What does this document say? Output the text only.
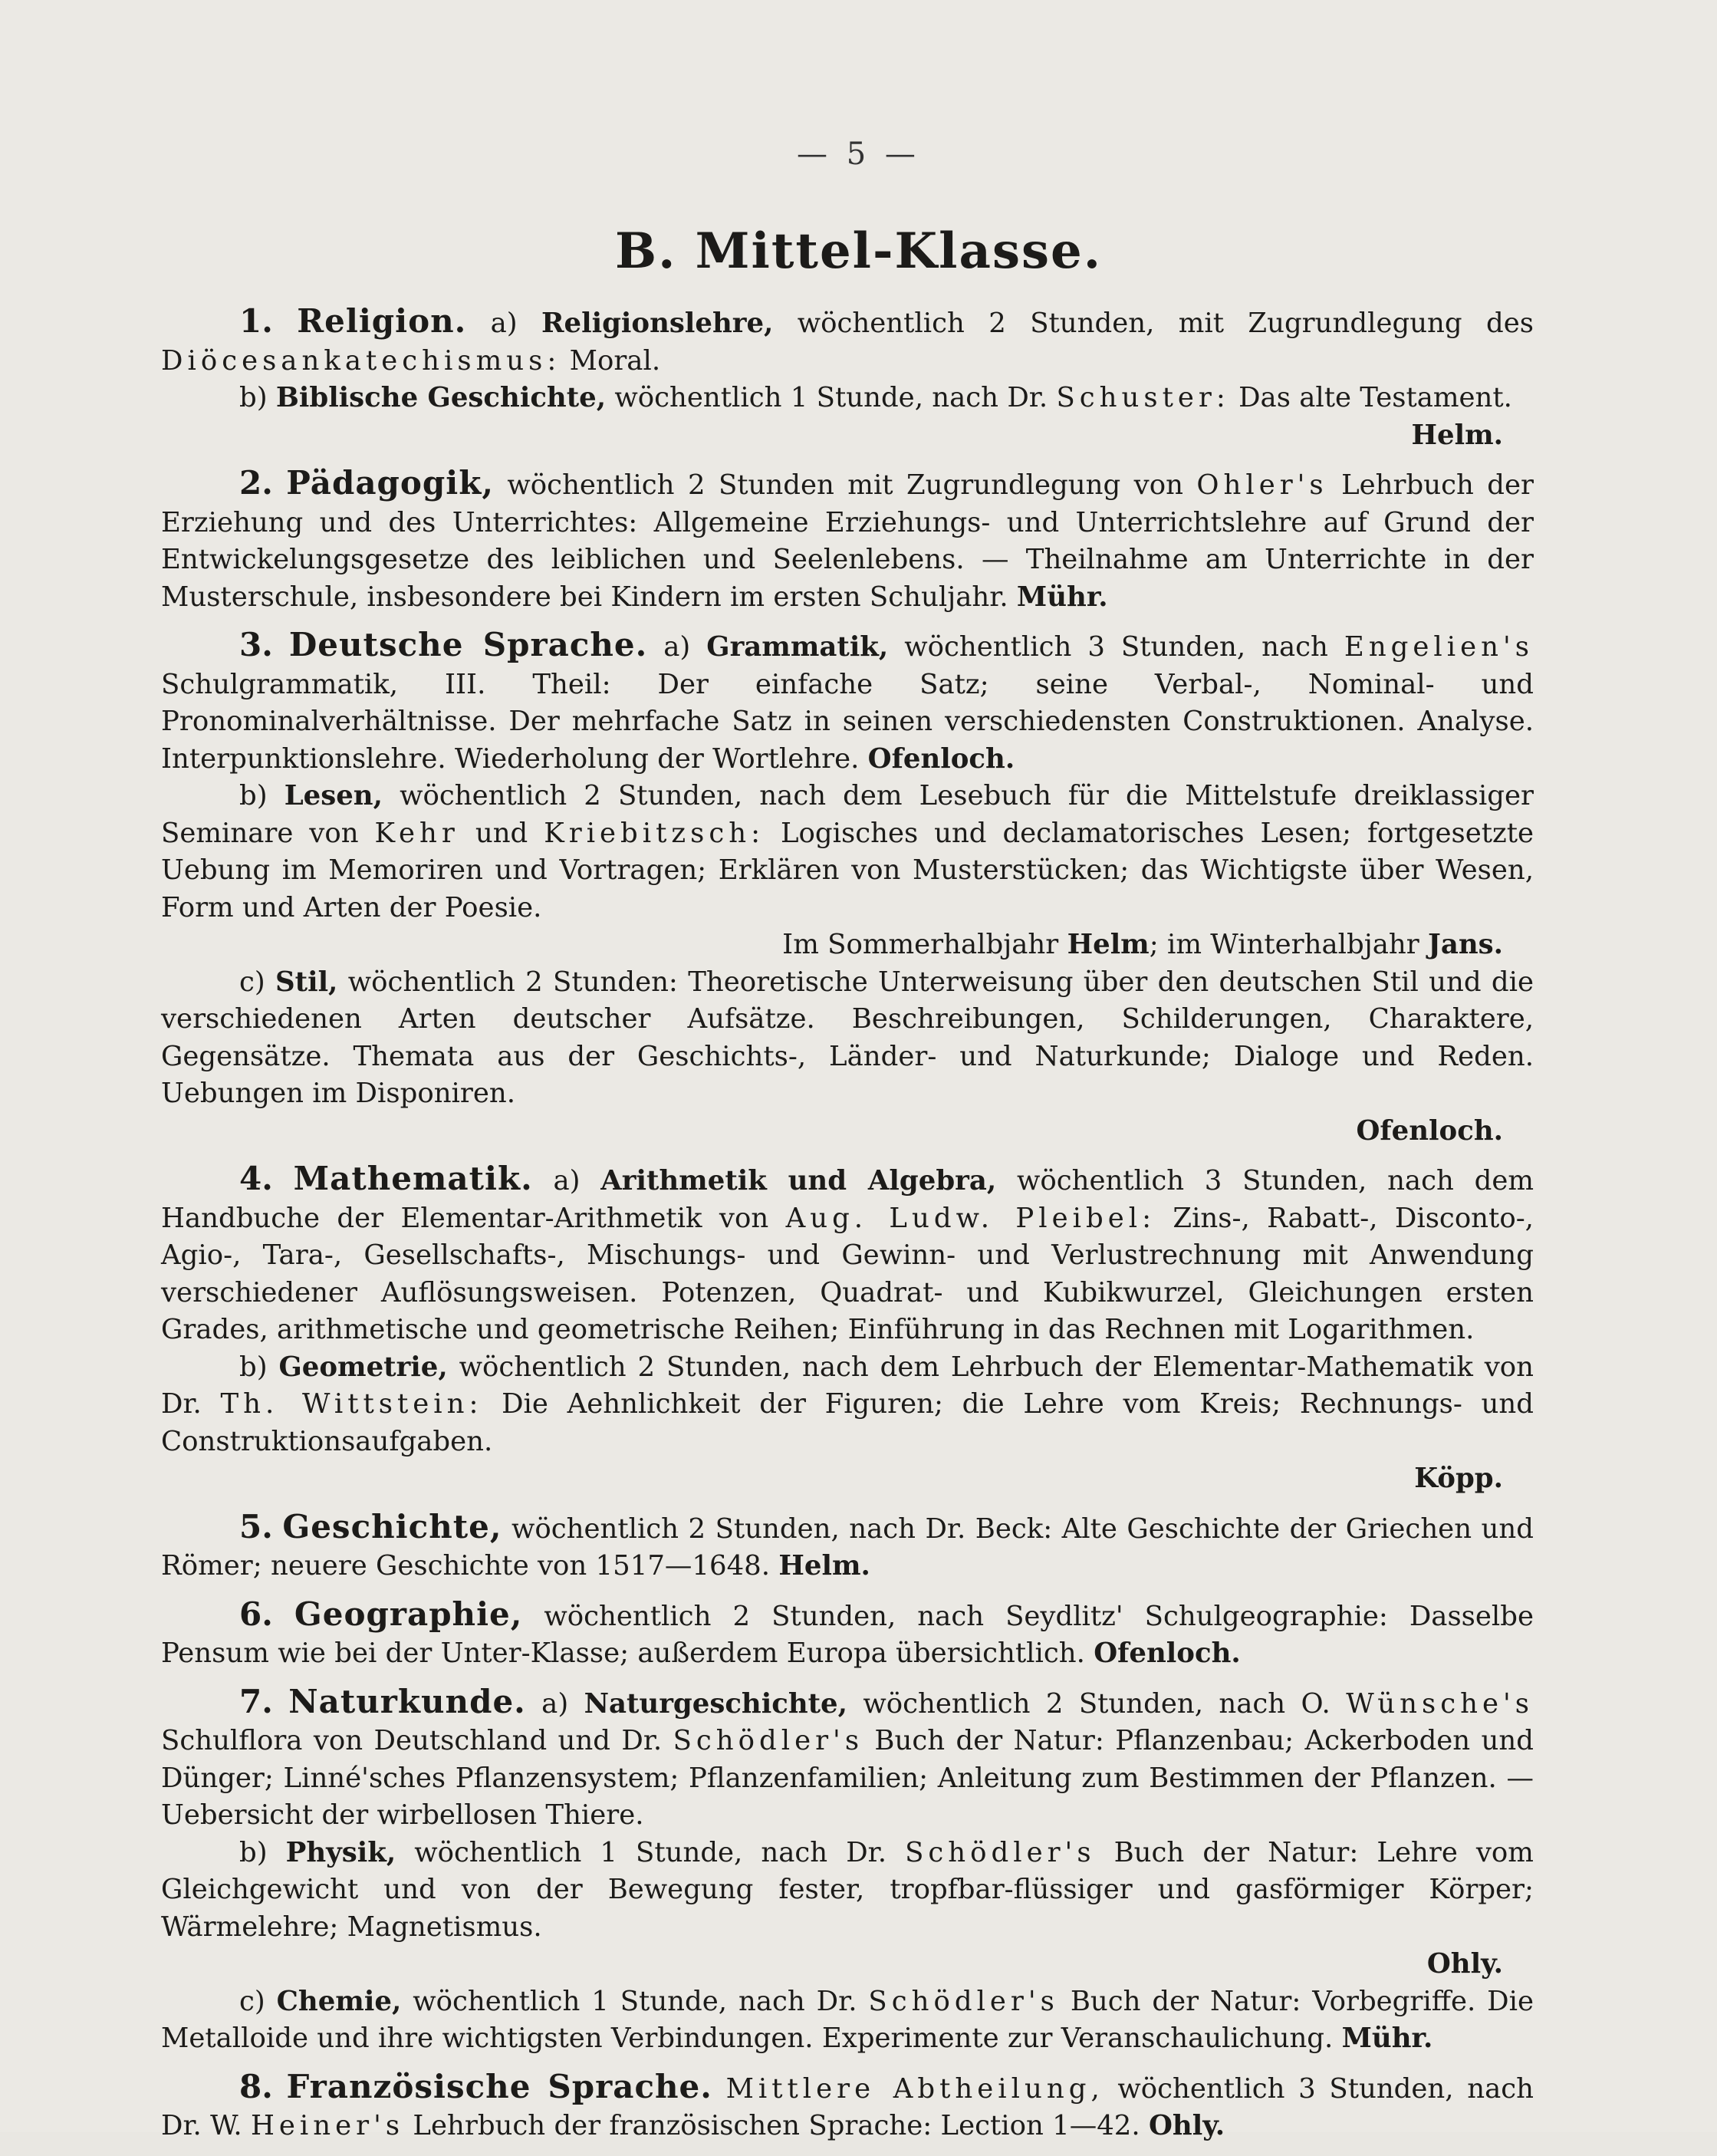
— 5 —
B. Mittel-Klasse.

1. Religion. a) Religionslehre, wöchentlich 2 Stunden, mit Zugrundlegung des Diöcesankatechismus: Moral.

b) Biblische Geschichte, wöchentlich 1 Stunde, nach Dr. Schuster: Das alte Testament.

Helm.

2. Pädagogik, wöchentlich 2 Stunden mit Zugrundlegung von Ohler's Lehrbuch der Erziehung und des Unterrichtes: Allgemeine Erziehungs- und Unterrichtslehre auf Grund der Entwickelungsgesetze des leiblichen und Seelenlebens. — Theilnahme am Unterrichte in der Musterschule, insbesondere bei Kindern im ersten Schuljahr. Mühr.

3. Deutsche Sprache. a) Grammatik, wöchentlich 3 Stunden, nach Engelien's Schulgrammatik, III. Theil: Der einfache Satz; seine Verbal-, Nominal- und Pronominalverhältnisse. Der mehrfache Satz in seinen verschiedensten Construktionen. Analyse. Interpunktionslehre. Wiederholung der Wortlehre. Ofenloch.

b) Lesen, wöchentlich 2 Stunden, nach dem Lesebuch für die Mittelstufe dreiklassiger Seminare von Kehr und Kriebitzsch: Logisches und declamatorisches Lesen; fortgesetzte Uebung im Memoriren und Vortragen; Erklären von Musterstücken; das Wichtigste über Wesen, Form und Arten der Poesie.

Im Sommerhalbjahr Helm; im Winterhalbjahr Jans.

c) Stil, wöchentlich 2 Stunden: Theoretische Unterweisung über den deutschen Stil und die verschiedenen Arten deutscher Aufsätze. Beschreibungen, Schilderungen, Charaktere, Gegensätze. Themata aus der Geschichts-, Länder- und Naturkunde; Dialoge und Reden. Uebungen im Disponiren.

Ofenloch.

4. Mathematik. a) Arithmetik und Algebra, wöchentlich 3 Stunden, nach dem Handbuche der Elementar-Arithmetik von Aug. Ludw. Pleibel: Zins-, Rabatt-, Disconto-, Agio-, Tara-, Gesellschafts-, Mischungs- und Gewinn- und Verlustrechnung mit Anwendung verschiedener Auflösungsweisen. Potenzen, Quadrat- und Kubikwurzel, Gleichungen ersten Grades, arithmetische und geometrische Reihen; Einführung in das Rechnen mit Logarithmen.

b) Geometrie, wöchentlich 2 Stunden, nach dem Lehrbuch der Elementar-Mathematik von Dr. Th. Wittstein: Die Aehnlichkeit der Figuren; die Lehre vom Kreis; Rechnungs- und Construktionsaufgaben.

Köpp.

5. Geschichte, wöchentlich 2 Stunden, nach Dr. Beck: Alte Geschichte der Griechen und Römer; neuere Geschichte von 1517—1648. Helm.

6. Geographie, wöchentlich 2 Stunden, nach Seydlitz' Schulgeographie: Dasselbe Pensum wie bei der Unter-Klasse; außerdem Europa übersichtlich. Ofenloch.

7. Naturkunde. a) Naturgeschichte, wöchentlich 2 Stunden, nach O. Wünsche's Schulflora von Deutschland und Dr. Schödler's Buch der Natur: Pflanzenbau; Ackerboden und Dünger; Linné'sches Pflanzensystem; Pflanzenfamilien; Anleitung zum Bestimmen der Pflanzen. — Uebersicht der wirbellosen Thiere.

b) Physik, wöchentlich 1 Stunde, nach Dr. Schödler's Buch der Natur: Lehre vom Gleichgewicht und von der Bewegung fester, tropfbar-flüssiger und gasförmiger Körper; Wärmelehre; Magnetismus.

Ohly.

c) Chemie, wöchentlich 1 Stunde, nach Dr. Schödler's Buch der Natur: Vorbegriffe. Die Metalloide und ihre wichtigsten Verbindungen. Experimente zur Veranschaulichung. Mühr.

8. Französische Sprache. Mittlere Abtheilung, wöchentlich 3 Stunden, nach Dr. W. Heiner's Lehrbuch der französischen Sprache: Lection 1—42. Ohly.
